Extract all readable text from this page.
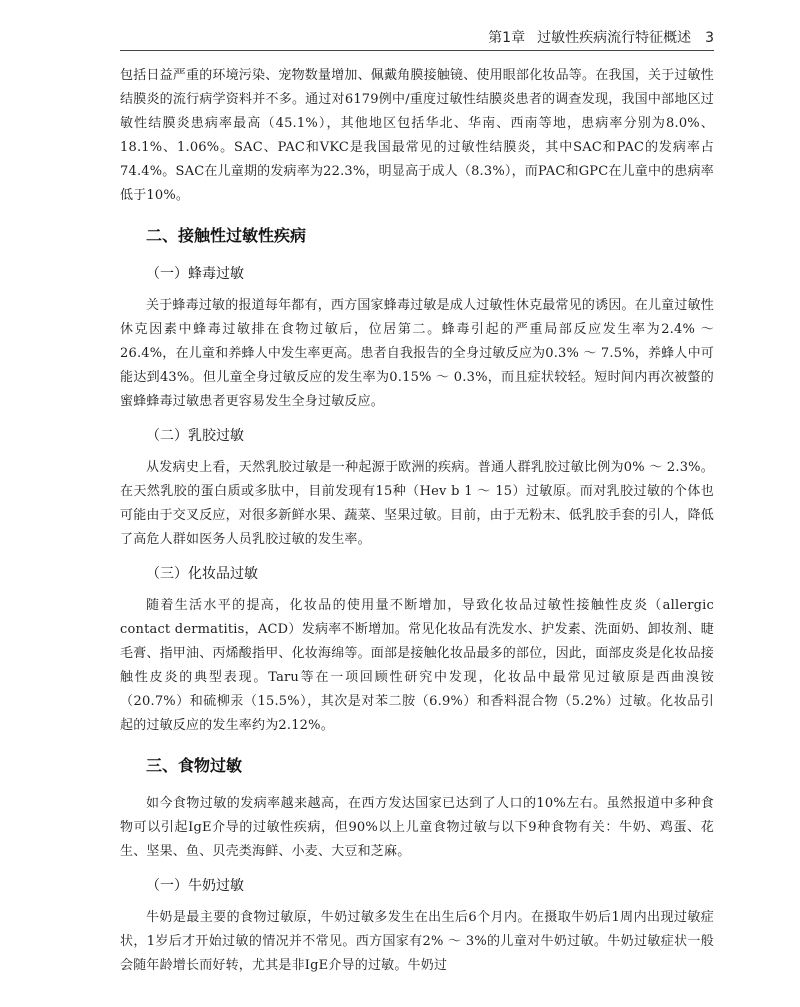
第1章 过敏性疾病流行特征概述 3

包括日益严重的环境污染、宠物数量增加、佩戴角膜接触镜、使用眼部化妆品等。在我国，关于过敏性结膜炎的流行病学资料并不多。通过对6179例中/重度过敏性结膜炎患者的调查发现，我国中部地区过敏性结膜炎患病率最高（45.1%），其他地区包括华北、华南、西南等地，患病率分别为8.0%、18.1%、1.06%。SAC、PAC和VKC是我国最常见的过敏性结膜炎，其中SAC和PAC的发病率占74.4%。SAC在儿童期的发病率为22.3%，明显高于成人（8.3%），而PAC和GPC在儿童中的患病率低于10%。

二、接触性过敏性疾病
（一）蜂毒过敏

关于蜂毒过敏的报道每年都有，西方国家蜂毒过敏是成人过敏性休克最常见的诱因。在儿童过敏性休克因素中蜂毒过敏排在食物过敏后，位居第二。蜂毒引起的严重局部反应发生率为2.4% ～ 26.4%，在儿童和养蜂人中发生率更高。患者自我报告的全身过敏反应为0.3% ～ 7.5%，养蜂人中可能达到43%。但儿童全身过敏反应的发生率为0.15% ～ 0.3%，而且症状较轻。短时间内再次被螫的蜜蜂蜂毒过敏患者更容易发生全身过敏反应。

（二）乳胶过敏

从发病史上看，天然乳胶过敏是一种起源于欧洲的疾病。普通人群乳胶过敏比例为0% ～ 2.3%。在天然乳胶的蛋白质或多肽中，目前发现有15种（Hev b 1 ～ 15）过敏原。而对乳胶过敏的个体也可能由于交叉反应，对很多新鲜水果、蔬菜、坚果过敏。目前，由于无粉末、低乳胶手套的引人，降低了高危人群如医务人员乳胶过敏的发生率。

（三）化妆品过敏

随着生活水平的提高，化妆品的使用量不断增加，导致化妆品过敏性接触性皮炎（allergic contact dermatitis，ACD）发病率不断增加。常见化妆品有洗发水、护发素、洗面奶、卸妆剂、睫毛膏、指甲油、丙烯酸指甲、化妆海绵等。面部是接触化妆品最多的部位，因此，面部皮炎是化妆品接触性皮炎的典型表现。Taru等在一项回顾性研究中发现，化妆品中最常见过敏原是西曲溴铵（20.7%）和硫柳汞（15.5%），其次是对苯二胺（6.9%）和香料混合物（5.2%）过敏。化妆品引起的过敏反应的发生率约为2.12%。

三、食物过敏

如今食物过敏的发病率越来越高，在西方发达国家已达到了人口的10%左右。虽然报道中多种食物可以引起IgE介导的过敏性疾病，但90%以上儿童食物过敏与以下9种食物有关：牛奶、鸡蛋、花生、坚果、鱼、贝壳类海鲜、小麦、大豆和芝麻。

（一）牛奶过敏

牛奶是最主要的食物过敏原，牛奶过敏多发生在出生后6个月内。在摄取牛奶后1周内出现过敏症状，1岁后才开始过敏的情况并不常见。西方国家有2% ～ 3%的儿童对牛奶过敏。牛奶过敏症状一般会随年龄增长而好转，尤其是非IgE介导的过敏。牛奶过
